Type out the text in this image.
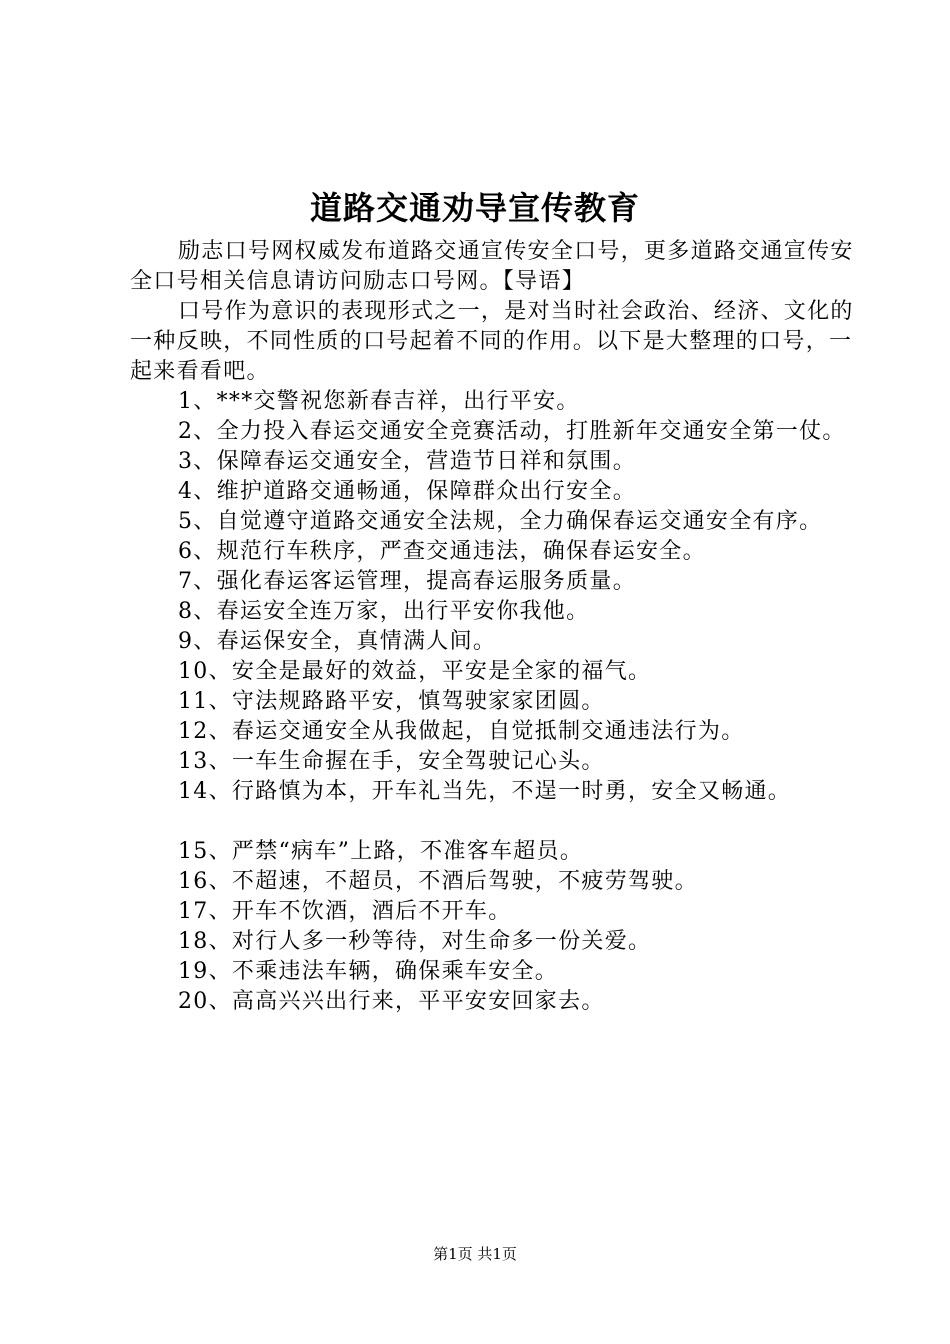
道路交通劝导宣传教育

励志口号网权威发布道路交通宣传安全口号，更多道路交通宣传安全口号相关信息请访问励志口号网。【导语】

口号作为意识的表现形式之一，是对当时社会政治、经济、文化的一种反映，不同性质的口号起着不同的作用。以下是大整理的口号，一起来看看吧。

1、***交警祝您新春吉祥，出行平安。

2、全力投入春运交通安全竞赛活动，打胜新年交通安全第一仗。

3、保障春运交通安全，营造节日祥和氛围。

4、维护道路交通畅通，保障群众出行安全。

5、自觉遵守道路交通安全法规，全力确保春运交通安全有序。

6、规范行车秩序，严查交通违法，确保春运安全。

7、强化春运客运管理，提高春运服务质量。

8、春运安全连万家，出行平安你我他。

9、春运保安全，真情满人间。

10、安全是最好的效益，平安是全家的福气。

11、守法规路路平安，慎驾驶家家团圆。

12、春运交通安全从我做起，自觉抵制交通违法行为。

13、一车生命握在手，安全驾驶记心头。

14、行路慎为本，开车礼当先，不逞一时勇，安全又畅通。

15、严禁“病车”上路，不准客车超员。

16、不超速，不超员，不酒后驾驶，不疲劳驾驶。

17、开车不饮酒，酒后不开车。

18、对行人多一秒等待，对生命多一份关爱。

19、不乘违法车辆，确保乘车安全。

20、高高兴兴出行来，平平安安回家去。

第1页 共1页
